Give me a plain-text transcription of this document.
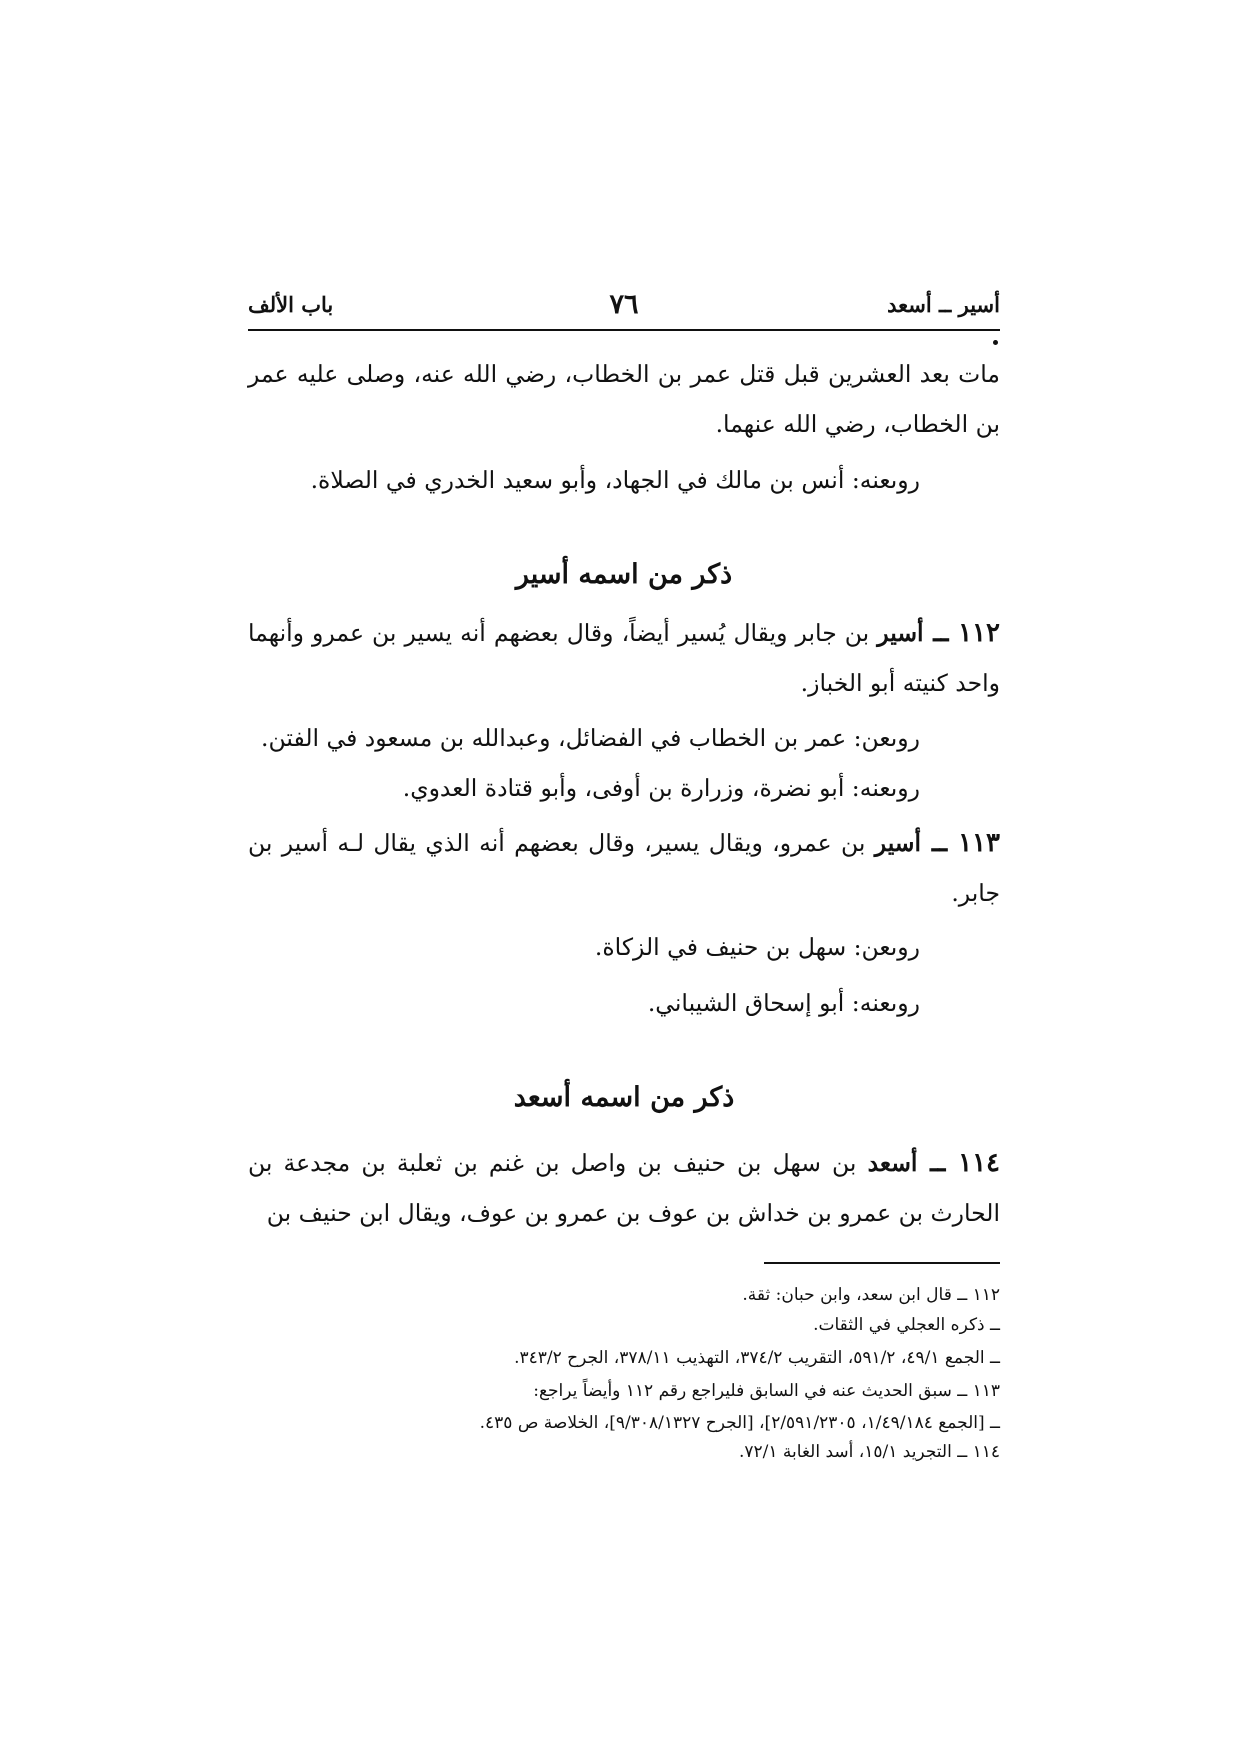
أسير ــ أسعد
٧٦
باب الألف

مات بعد العشرين قبل قتل عمر بن الخطاب، رضي الله عنه، وصلى عليه عمر بن الخطاب، رضي الله عنهما.

روىعنه: أنس بن مالك في الجهاد، وأبو سعيد الخدري في الصلاة.

ذكر من اسمه أسير

١١٢ ــ أسير بن جابر ويقال يُسير أيضاً، وقال بعضهم أنه يسير بن عمرو وأنهما واحد كنيته أبو الخباز.

روىعن: عمر بن الخطاب في الفضائل، وعبدالله بن مسعود في الفتن.

روىعنه: أبو نضرة، وزرارة بن أوفى، وأبو قتادة العدوي.

١١٣ ــ أسير بن عمرو، ويقال يسير، وقال بعضهم أنه الذي يقال لـه أسير بن جابر.

روىعن: سهل بن حنيف في الزكاة.

روىعنه: أبو إسحاق الشيباني.

ذكر من اسمه أسعد

١١٤ ــ أسعد بن سهل بن حنيف بن واصل بن غنم بن ثعلبة بن مجدعة بن الحارث بن عمرو بن خداش بن عوف بن عمرو بن عوف، ويقال ابن حنيف بن

١١٢ ــ قال ابن سعد، وابن حبان: ثقة.
ــ ذكره العجلي في الثقات.
ــ الجمع ٤٩/١، ٥٩١/٢، التقريب ٣٧٤/٢، التهذيب ٣٧٨/١١، الجرح ٣٤٣/٢.
١١٣ ــ سبق الحديث عنه في السابق فليراجع رقم ١١٢ وأيضاً يراجع:
ــ [الجمع ١/٤٩/١٨٤، ٢/٥٩١/٢٣٠٥]، [الجرح ٩/٣٠٨/١٣٢٧]، الخلاصة ص ٤٣٥.
١١٤ ــ التجريد ١٥/١، أسد الغابة ٧٢/١.
